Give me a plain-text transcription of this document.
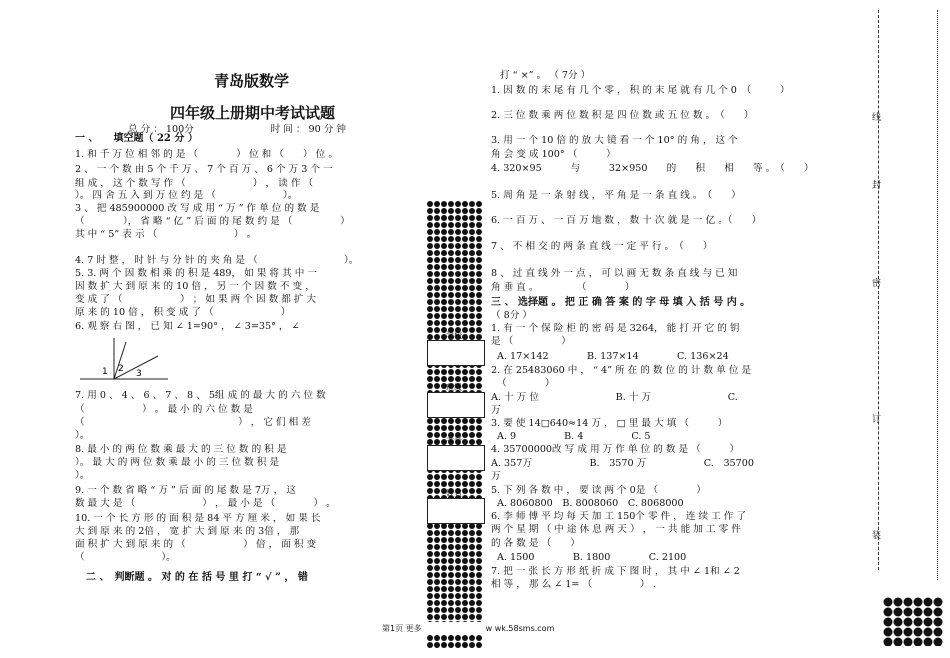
青岛版数学
四年级上册期中考试试题
总 分 ： 100分　　　　　　　　时 间 ： 90 分 钟
一 、　　填空题（ 22 分 ）
1. 和 千 万 位 相 邻 的 是 （　　　　） 位 和 （　　） 位 。
2 、 一 个 数 由 5 个 千 万 、 7 个 百 万 、 6 个 万 3 个 一
组 成 ， 这 个 数 写 作 （　　　　　　　） ， 读 作 （
）。 四 舍 五 入 到 万 位 约 是 （　　　　　　　）。
3 、 把 485900000 改 写 成 用 “ 万 ” 作 单 位 的 数 是
（　　　　）， 省 略 “ 亿 ” 后 面 的 尾 数 约 是 （　　　　　）
其 中 “ 5” 表 示 （　　　　　　　　） 。
4. 7 时 整 ， 时 针 与 分 针 的 夹 角 是 （　　　　　　　　　）。
5. 3. 两 个 因 数 相 乘 的 积 是 489， 如 果 将 其 中 一
因 数 扩 大 到 原 来 的 10 倍 ， 另 一 个 因 数 不 变 ，
变 成 了 （　　　　　　） ； 如 果 两 个 因 数 都 扩 大
原 来 的 10 倍 ， 积 变 成 了 （　　　　　　　）
6. 观 察 右 图 ， 已 知 ∠ 1=90° ， ∠ 3=35° ， ∠
7. 用 0 、 4 、 6 、 7 、 8 、 5组 成 的 最 大 的 六 位 数
（　　　　　　） 。 最 小 的 六 位 数 是
（　　　　　　　　　　　　　　　　） ， 它 们 相 差
）。
8. 最 小 的 两 位 数 乘 最 大 的 三 位 数 的 积 是
）。 最 大 的 两 位 数 乘 最 小 的 三 位 数 积 是
）。
9. 一 个 数 省 略 “ 万 ” 后 面 的 尾 数 是 7万 ， 这
数 最 大 是 （　　　　　　　） ， 最 小 是 （　　　　） 。
10. 一 个 长 方 形 的 面 积 是 84 平 方 厘 米 ， 如 果 长
大 到 原 来 的 2倍 ， 宽 扩 大 到 原 来 的 3倍 ， 那
面 积 扩 大 到 原 来 的 （　　　　　　） 倍 ， 面 积 变
（　　　　　　　　）。
二 、　判断题 。 对 的 在 括 号 里 打 “ √ ” ， 错
1 2 3
学校
班级
考号
姓名
打 “ ×” 。 （ 7分 ）
1. 因 数 的 末 尾 有 几 个 零 ， 积 的 末 尾 就 有 几 个 0　（　　　）
2. 三 位 数 乘 两 位 数 积 是 四 位 数 或 五 位 数 。　（　　）
3. 用 一 个 10 倍 的 放 大 镜 看 一 个 10° 的 角 ， 这 个
角 会 变 成 100° （　　　）
4. 320×95　　　与　　　32×950　　的　　积　　相　　等 。　（　　）
5. 周 角 是 一 条 射 线 ， 平 角 是 一 条 直 线 。　（　　）
6. 一 百 万 、 一 百 万 地 数 ， 数 十 次 就 是 一 亿 。（　　）
7 、 不 相 交 的 两 条 直 线 一 定 平 行 。　（　　）
8 、 过 直 线 外 一 点 ， 可 以 画 无 数 条 直 线 与 已 知
角 垂 直 。　　　　　（　　　　）
三 、 选择题 。 把 正 确 答 案 的 字 母 填 入 括 号 内 。
（ 8分 ）
1. 有 一 个 保 险 柜 的 密 码 是 3264， 能 打 开 它 的 钥
是 （　　　　　）
A. 17×142　　　　B. 137×14　　　　C. 136×24
2. 在 25483060 中 ， “ 4” 所 在 的 数 位 的 计 数 单 位 是
（　　　　）
A. 十 万 位　　　　　　　　B. 十 万　　　　　　　　C.
万
3. 要 使 14□640≈14 万 ， □ 里 最 大 填 （　　　）
A. 9　　　　　B. 4　　　　　C. 5
4. 35700000改 写 成 用 万 作 单 位 的 数 是 （　　　）
A. 357万　　　　　　B.　3570 万　　　　　　C.　35700
万
5. 下 列 各 数 中 ， 要 读 两 个 0是 （　　　　）
A. 8060800　B. 8008060　C. 8068000
6. 李 师 傅 平 均 每 天 加 工 150个 零 件 ， 连 续 工 作 了
两 个 星 期 （ 中 途 休 息 两 天 ） ， 一 共 能 加 工 零 件
的 各 数 是 （　　）
A. 1500　　　　B. 1800　　　　C. 2100
7. 把 一 张 长 方 形 纸 折 成 下 图 时 ， 其 中 ∠ 1和 ∠ 2
相 等 ， 那 么 ∠ 1= （　　　　　） .
线
封
密
订
装
第1页 更多　　　　　　　　w wk.58sms.com
